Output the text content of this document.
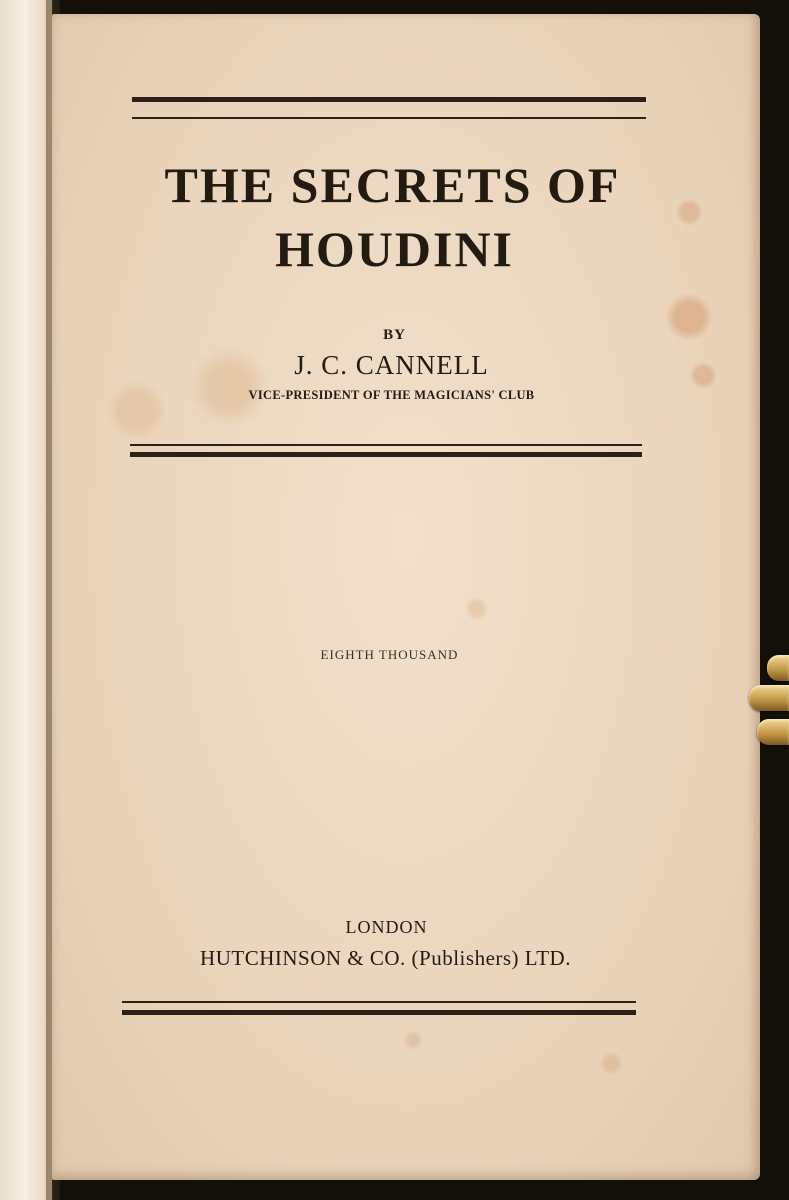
THE SECRETS OF
HOUDINI
BY
J. C. CANNELL
VICE-PRESIDENT OF THE MAGICIANS' CLUB
EIGHTH THOUSAND
LONDON
HUTCHINSON & CO. (Publishers) LTD.
